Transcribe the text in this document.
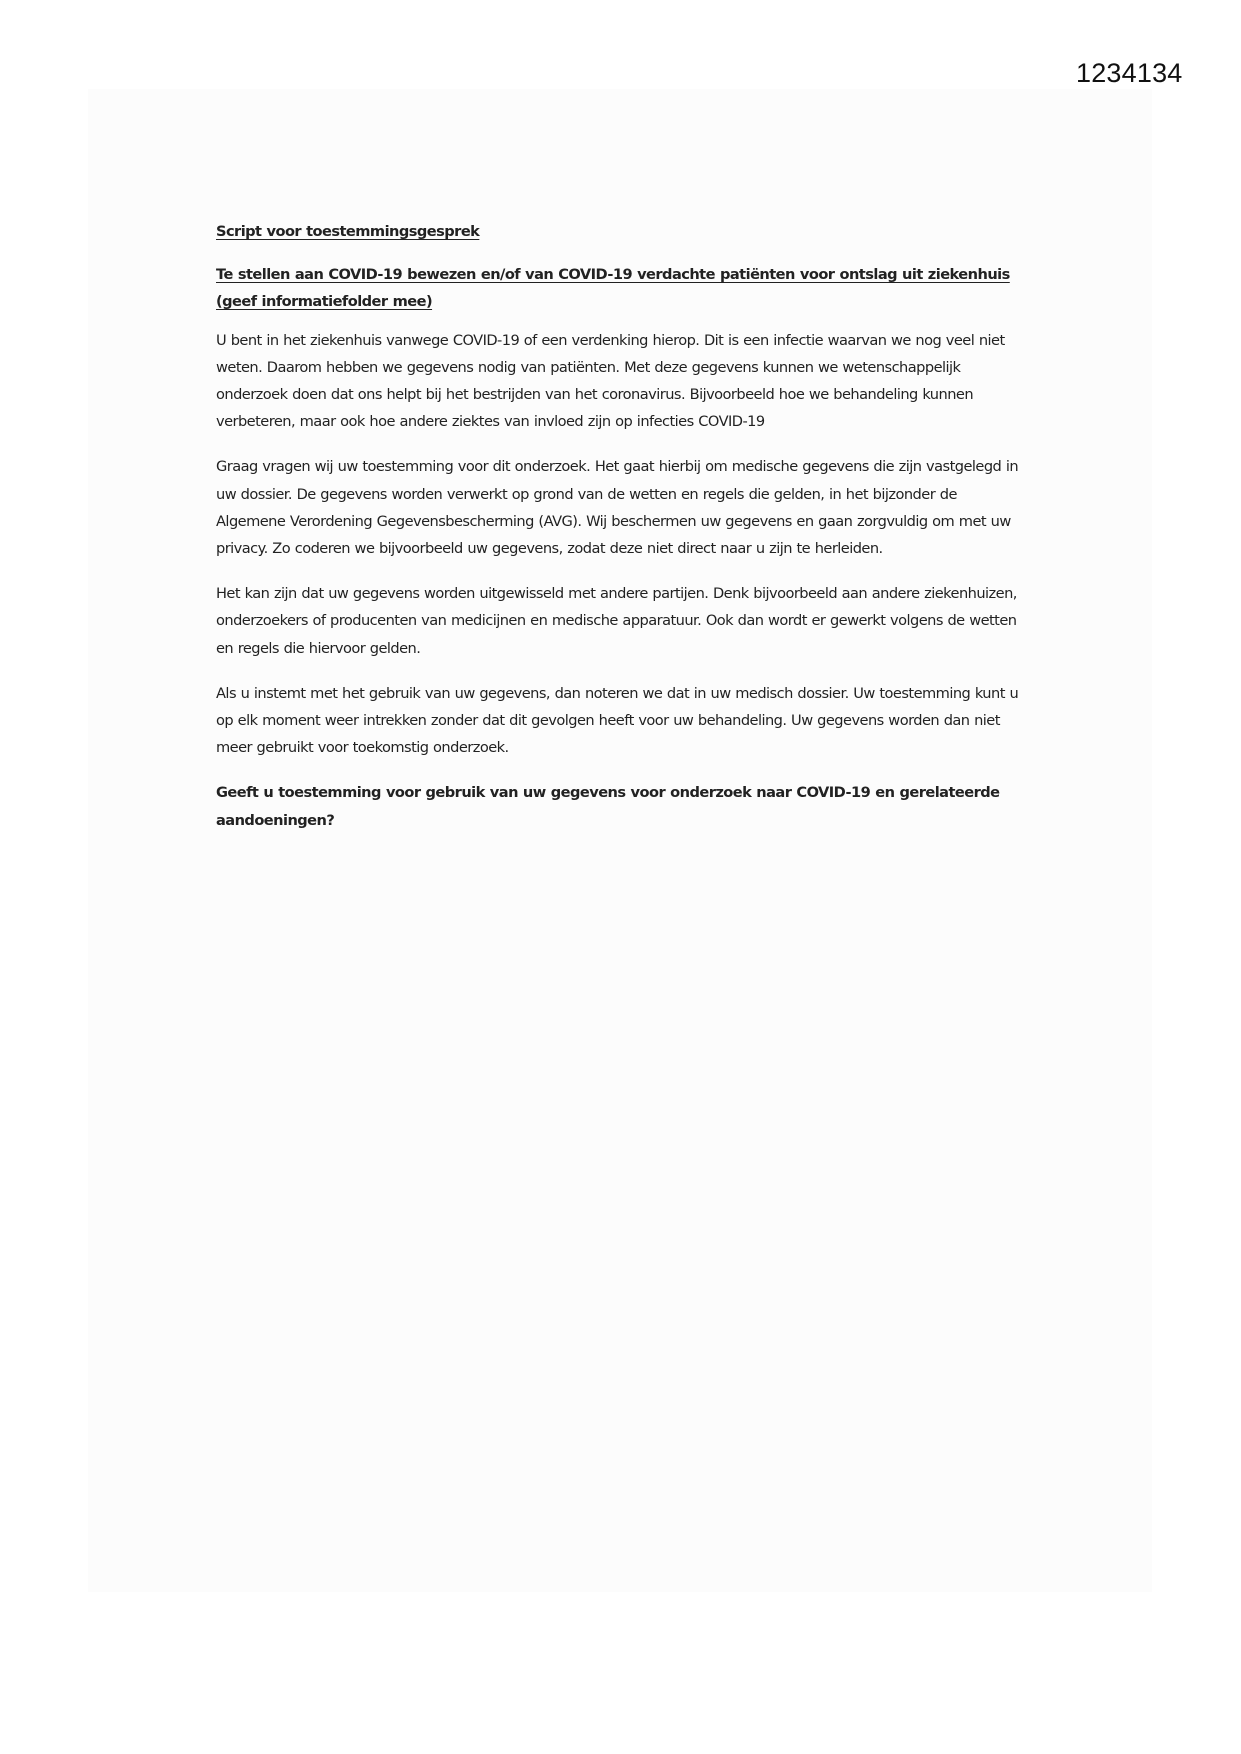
1234134

Script voor toestemmingsgesprek

Te stellen aan COVID-19 bewezen en/of van COVID-19 verdachte patiënten voor ontslag uit ziekenhuis (geef informatiefolder mee)

U bent in het ziekenhuis vanwege COVID-19 of een verdenking hierop. Dit is een infectie waarvan we nog veel niet weten. Daarom hebben we gegevens nodig van patiënten. Met deze gegevens kunnen we wetenschappelijk onderzoek doen dat ons helpt bij het bestrijden van het coronavirus. Bijvoorbeeld hoe we behandeling kunnen verbeteren, maar ook hoe andere ziektes van invloed zijn op infecties COVID-19

Graag vragen wij uw toestemming voor dit onderzoek. Het gaat hierbij om medische gegevens die zijn vastgelegd in uw dossier. De gegevens worden verwerkt op grond van de wetten en regels die gelden, in het bijzonder de Algemene Verordening Gegevensbescherming (AVG). Wij beschermen uw gegevens en gaan zorgvuldig om met uw privacy. Zo coderen we bijvoorbeeld uw gegevens, zodat deze niet direct naar u zijn te herleiden.

Het kan zijn dat uw gegevens worden uitgewisseld met andere partijen. Denk bijvoorbeeld aan andere ziekenhuizen, onderzoekers of producenten van medicijnen en medische apparatuur. Ook dan wordt er gewerkt volgens de wetten en regels die hiervoor gelden.

Als u instemt met het gebruik van uw gegevens, dan noteren we dat in uw medisch dossier. Uw toestemming kunt u op elk moment weer intrekken zonder dat dit gevolgen heeft voor uw behandeling. Uw gegevens worden dan niet meer gebruikt voor toekomstig onderzoek.

Geeft u toestemming voor gebruik van uw gegevens voor onderzoek naar COVID-19 en gerelateerde aandoeningen?
